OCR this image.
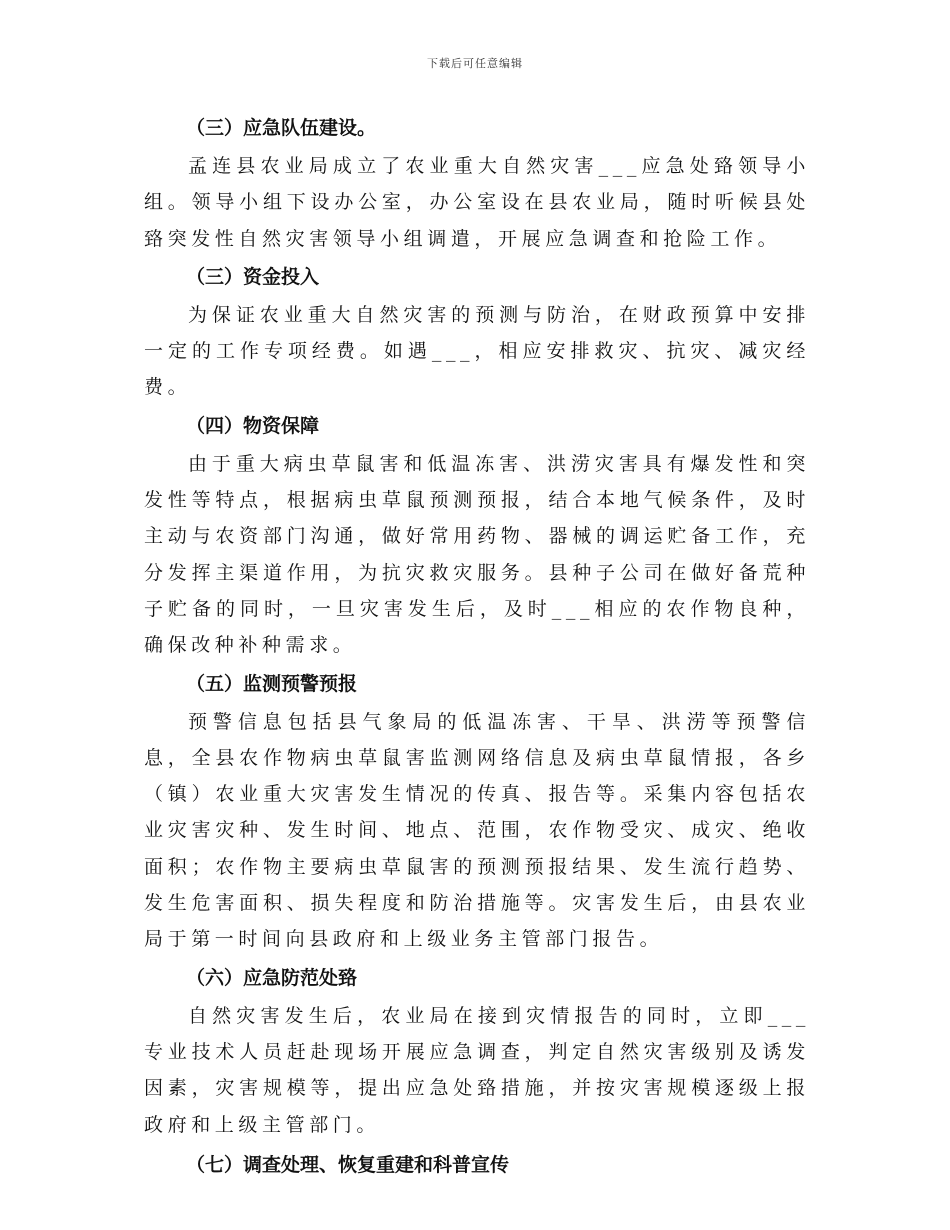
下载后可任意编辑
（三）应急队伍建设。

孟连县农业局成立了农业重大自然灾害___应急处臵领导小组。领导小组下设办公室，办公室设在县农业局，随时听候县处臵突发性自然灾害领导小组调遣，开展应急调查和抢险工作。

（三）资金投入

为保证农业重大自然灾害的预测与防治，在财政预算中安排一定的工作专项经费。如遇___，相应安排救灾、抗灾、减灾经费。

（四）物资保障

由于重大病虫草鼠害和低温冻害、洪涝灾害具有爆发性和突发性等特点，根据病虫草鼠预测预报，结合本地气候条件，及时主动与农资部门沟通，做好常用药物、器械的调运贮备工作，充分发挥主渠道作用，为抗灾救灾服务。县种子公司在做好备荒种子贮备的同时，一旦灾害发生后，及时___相应的农作物良种，确保改种补种需求。

（五）监测预警预报

预警信息包括县气象局的低温冻害、干旱、洪涝等预警信息，全县农作物病虫草鼠害监测网络信息及病虫草鼠情报，各乡（镇）农业重大灾害发生情况的传真、报告等。采集内容包括农业灾害灾种、发生时间、地点、范围，农作物受灾、成灾、绝收面积；农作物主要病虫草鼠害的预测预报结果、发生流行趋势、发生危害面积、损失程度和防治措施等。灾害发生后，由县农业局于第一时间向县政府和上级业务主管部门报告。

（六）应急防范处臵

自然灾害发生后，农业局在接到灾情报告的同时，立即___专业技术人员赶赴现场开展应急调查，判定自然灾害级别及诱发因素，灾害规模等，提出应急处臵措施，并按灾害规模逐级上报政府和上级主管部门。

（七）调查处理、恢复重建和科普宣传
